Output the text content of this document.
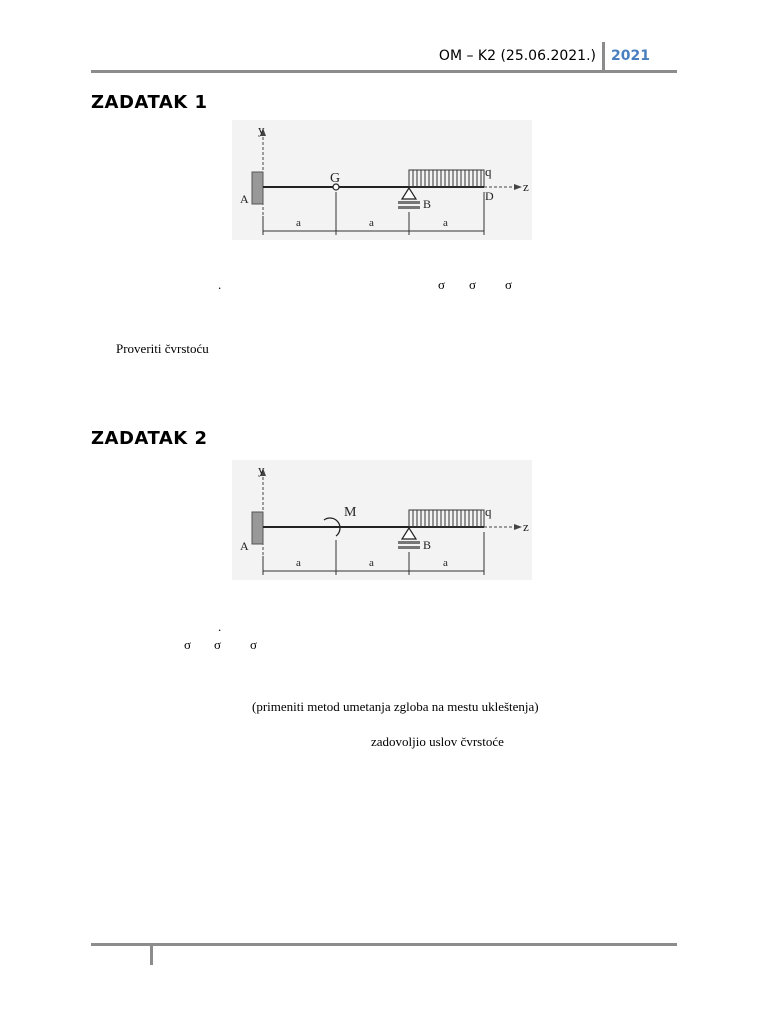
OM – K2 (25.06.2021.) 2021
ZADATAK 1
y
A
z
G	q
B
D
a	a	a
.	σ σ σ
Proveriti čvrstoću
ZADATAK 2
y
A
z
M	q
B
a	a	a
.
σ σ σ
(primeniti metod umetanja zgloba na mestu ukleštenja)
zadovoljio uslov čvrstoće
